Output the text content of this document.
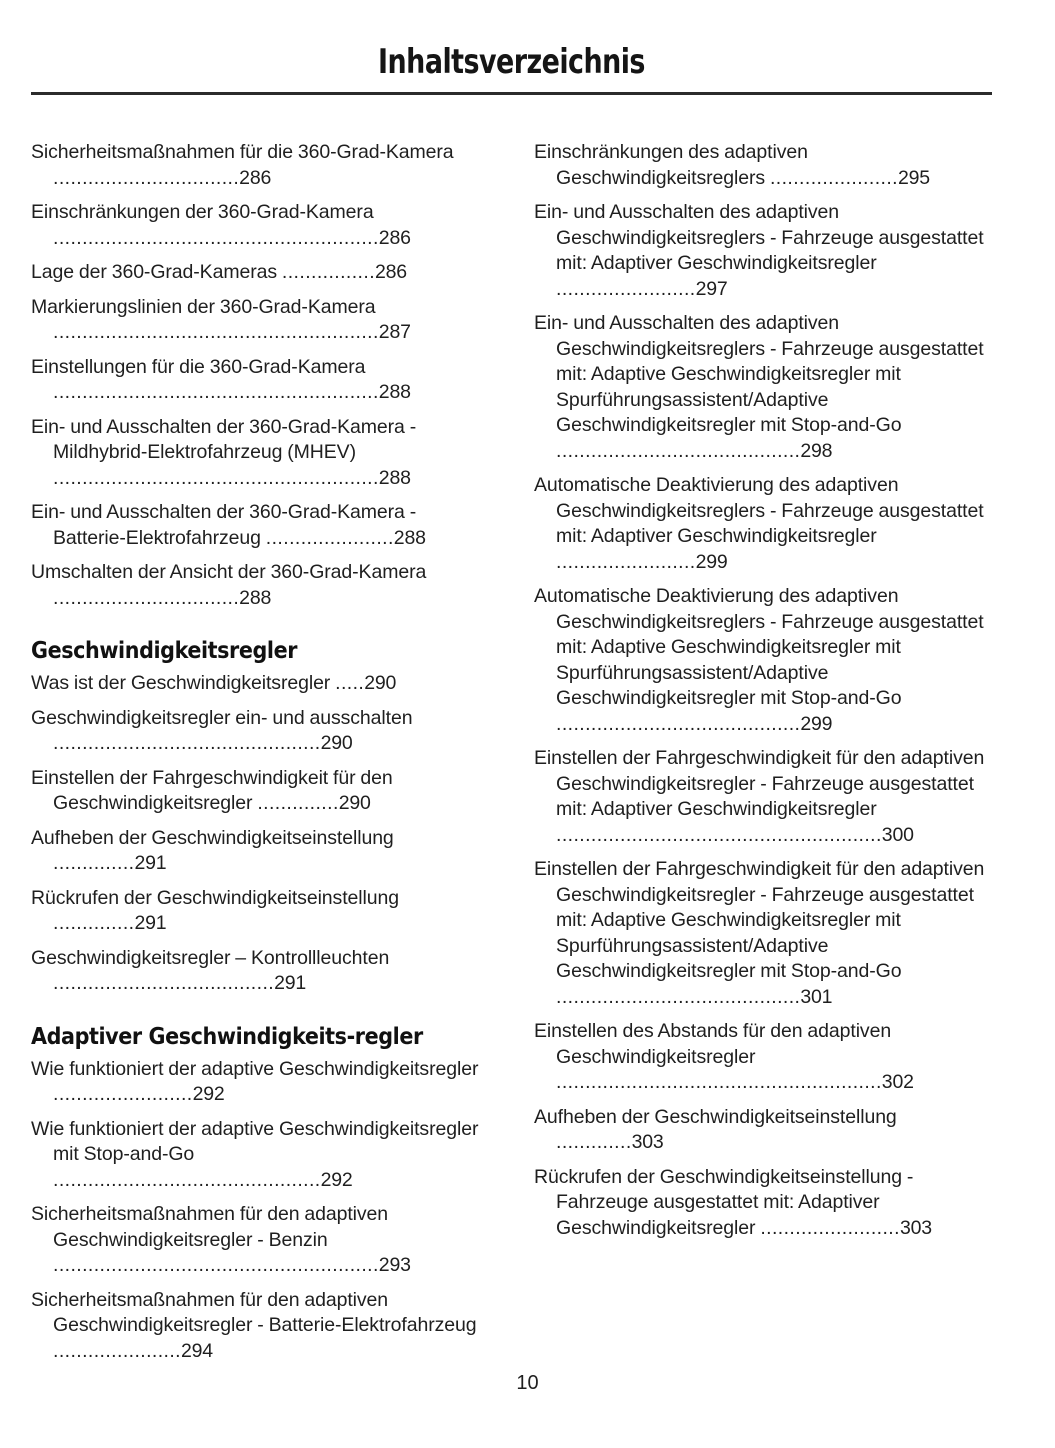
Inhaltsverzeichnis
Sicherheitsmaßnahmen für die 360-Grad-Kamera ................................286
Einschränkungen der 360-Grad-Kamera ........................................................286
Lage der 360-Grad-Kameras ................286
Markierungslinien der 360-Grad-Kamera ........................................................287
Einstellungen für die 360-Grad-Kamera ........................................................288
Ein- und Ausschalten der 360-Grad-Kamera - Mildhybrid-Elektrofahrzeug (MHEV) ........................................................288
Ein- und Ausschalten der 360-Grad-Kamera - Batterie-Elektrofahrzeug ......................288
Umschalten der Ansicht der 360-Grad-Kamera ................................288
Geschwindigkeitsregler
Was ist der Geschwindigkeitsregler .....290
Geschwindigkeitsregler ein- und ausschalten ..............................................290
Einstellen der Fahrgeschwindigkeit für den Geschwindigkeitsregler ..............290
Aufheben der Geschwindigkeitseinstellung ..............291
Rückrufen der Geschwindigkeitseinstellung ..............291
Geschwindigkeitsregler – Kontrollleuchten ......................................291
Adaptiver Geschwindigkeits-regler
Wie funktioniert der adaptive Geschwindigkeitsregler ........................292
Wie funktioniert der adaptive Geschwindigkeitsregler mit Stop-and-Go ..............................................292
Sicherheitsmaßnahmen für den adaptiven Geschwindigkeitsregler - Benzin ........................................................293
Sicherheitsmaßnahmen für den adaptiven Geschwindigkeitsregler - Batterie-Elektrofahrzeug ......................294
Einschränkungen des adaptiven Geschwindigkeitsreglers ......................295
Ein- und Ausschalten des adaptiven Geschwindigkeitsreglers - Fahrzeuge ausgestattet mit: Adaptiver Geschwindigkeitsregler ........................297
Ein- und Ausschalten des adaptiven Geschwindigkeitsreglers - Fahrzeuge ausgestattet mit: Adaptive Geschwindigkeitsregler mit Spurführungsassistent/Adaptive Geschwindigkeitsregler mit Stop-and-Go ..........................................298
Automatische Deaktivierung des adaptiven Geschwindigkeitsreglers - Fahrzeuge ausgestattet mit: Adaptiver Geschwindigkeitsregler ........................299
Automatische Deaktivierung des adaptiven Geschwindigkeitsreglers - Fahrzeuge ausgestattet mit: Adaptive Geschwindigkeitsregler mit Spurführungsassistent/Adaptive Geschwindigkeitsregler mit Stop-and-Go ..........................................299
Einstellen der Fahrgeschwindigkeit für den adaptiven Geschwindigkeitsregler - Fahrzeuge ausgestattet mit: Adaptiver Geschwindigkeitsregler ........................................................300
Einstellen der Fahrgeschwindigkeit für den adaptiven Geschwindigkeitsregler - Fahrzeuge ausgestattet mit: Adaptive Geschwindigkeitsregler mit Spurführungsassistent/Adaptive Geschwindigkeitsregler mit Stop-and-Go ..........................................301
Einstellen des Abstands für den adaptiven Geschwindigkeitsregler ........................................................302
Aufheben der Geschwindigkeitseinstellung .............303
Rückrufen der Geschwindigkeitseinstellung - Fahrzeuge ausgestattet mit: Adaptiver Geschwindigkeitsregler ........................303
10
